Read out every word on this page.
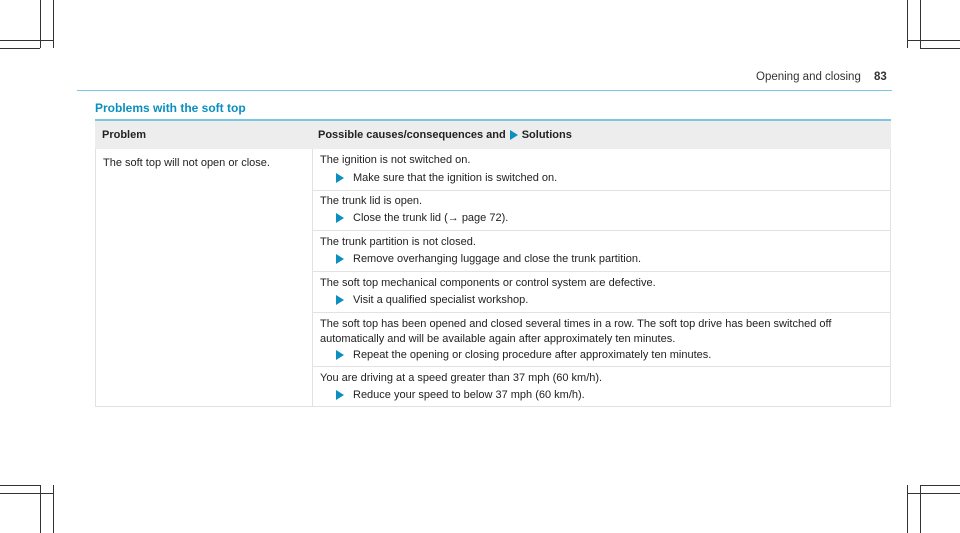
Opening and closing 83
Problems with the soft top
Problem	Possible causes/consequences and Solutions
The soft top will not open or close.	The ignition is not switched on.
Make sure that the ignition is switched on.
The trunk lid is open.
Close the trunk lid (→ page 72).
The trunk partition is not closed.
Remove overhanging luggage and close the trunk partition.
The soft top mechanical components or control system are defective.
Visit a qualified specialist workshop.
The soft top has been opened and closed several times in a row. The soft top drive has been switched off
automatically and will be available again after approximately ten minutes.
Repeat the opening or closing procedure after approximately ten minutes.
You are driving at a speed greater than 37 mph (60 km/h).
Reduce your speed to below 37 mph (60 km/h).
